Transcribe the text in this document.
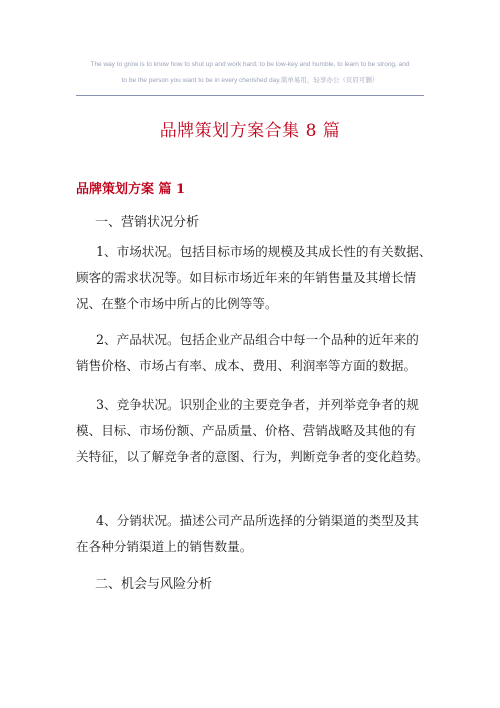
The way to grow is to know how to shut up and work hard, to be low-key and humble, to learn to be strong, and
to be the person you want to be in every cherished day.简单易用，轻享办公（页眉可删）
品牌策划方案合集 8 篇
品牌策划方案 篇 1
一、营销状况分析
1、市场状况。包括目标市场的规模及其成长性的有关数据、
顾客的需求状况等。如目标市场近年来的年销售量及其增长情
况、在整个市场中所占的比例等等。
2、产品状况。包括企业产品组合中每一个品种的近年来的
销售价格、市场占有率、成本、费用、利润率等方面的数据。
3、竞争状况。识别企业的主要竞争者，并列举竞争者的规
模、目标、市场份额、产品质量、价格、营销战略及其他的有
关特征，以了解竞争者的意图、行为，判断竞争者的变化趋势。
4、分销状况。描述公司产品所选择的分销渠道的类型及其
在各种分销渠道上的销售数量。
二、机会与风险分析
